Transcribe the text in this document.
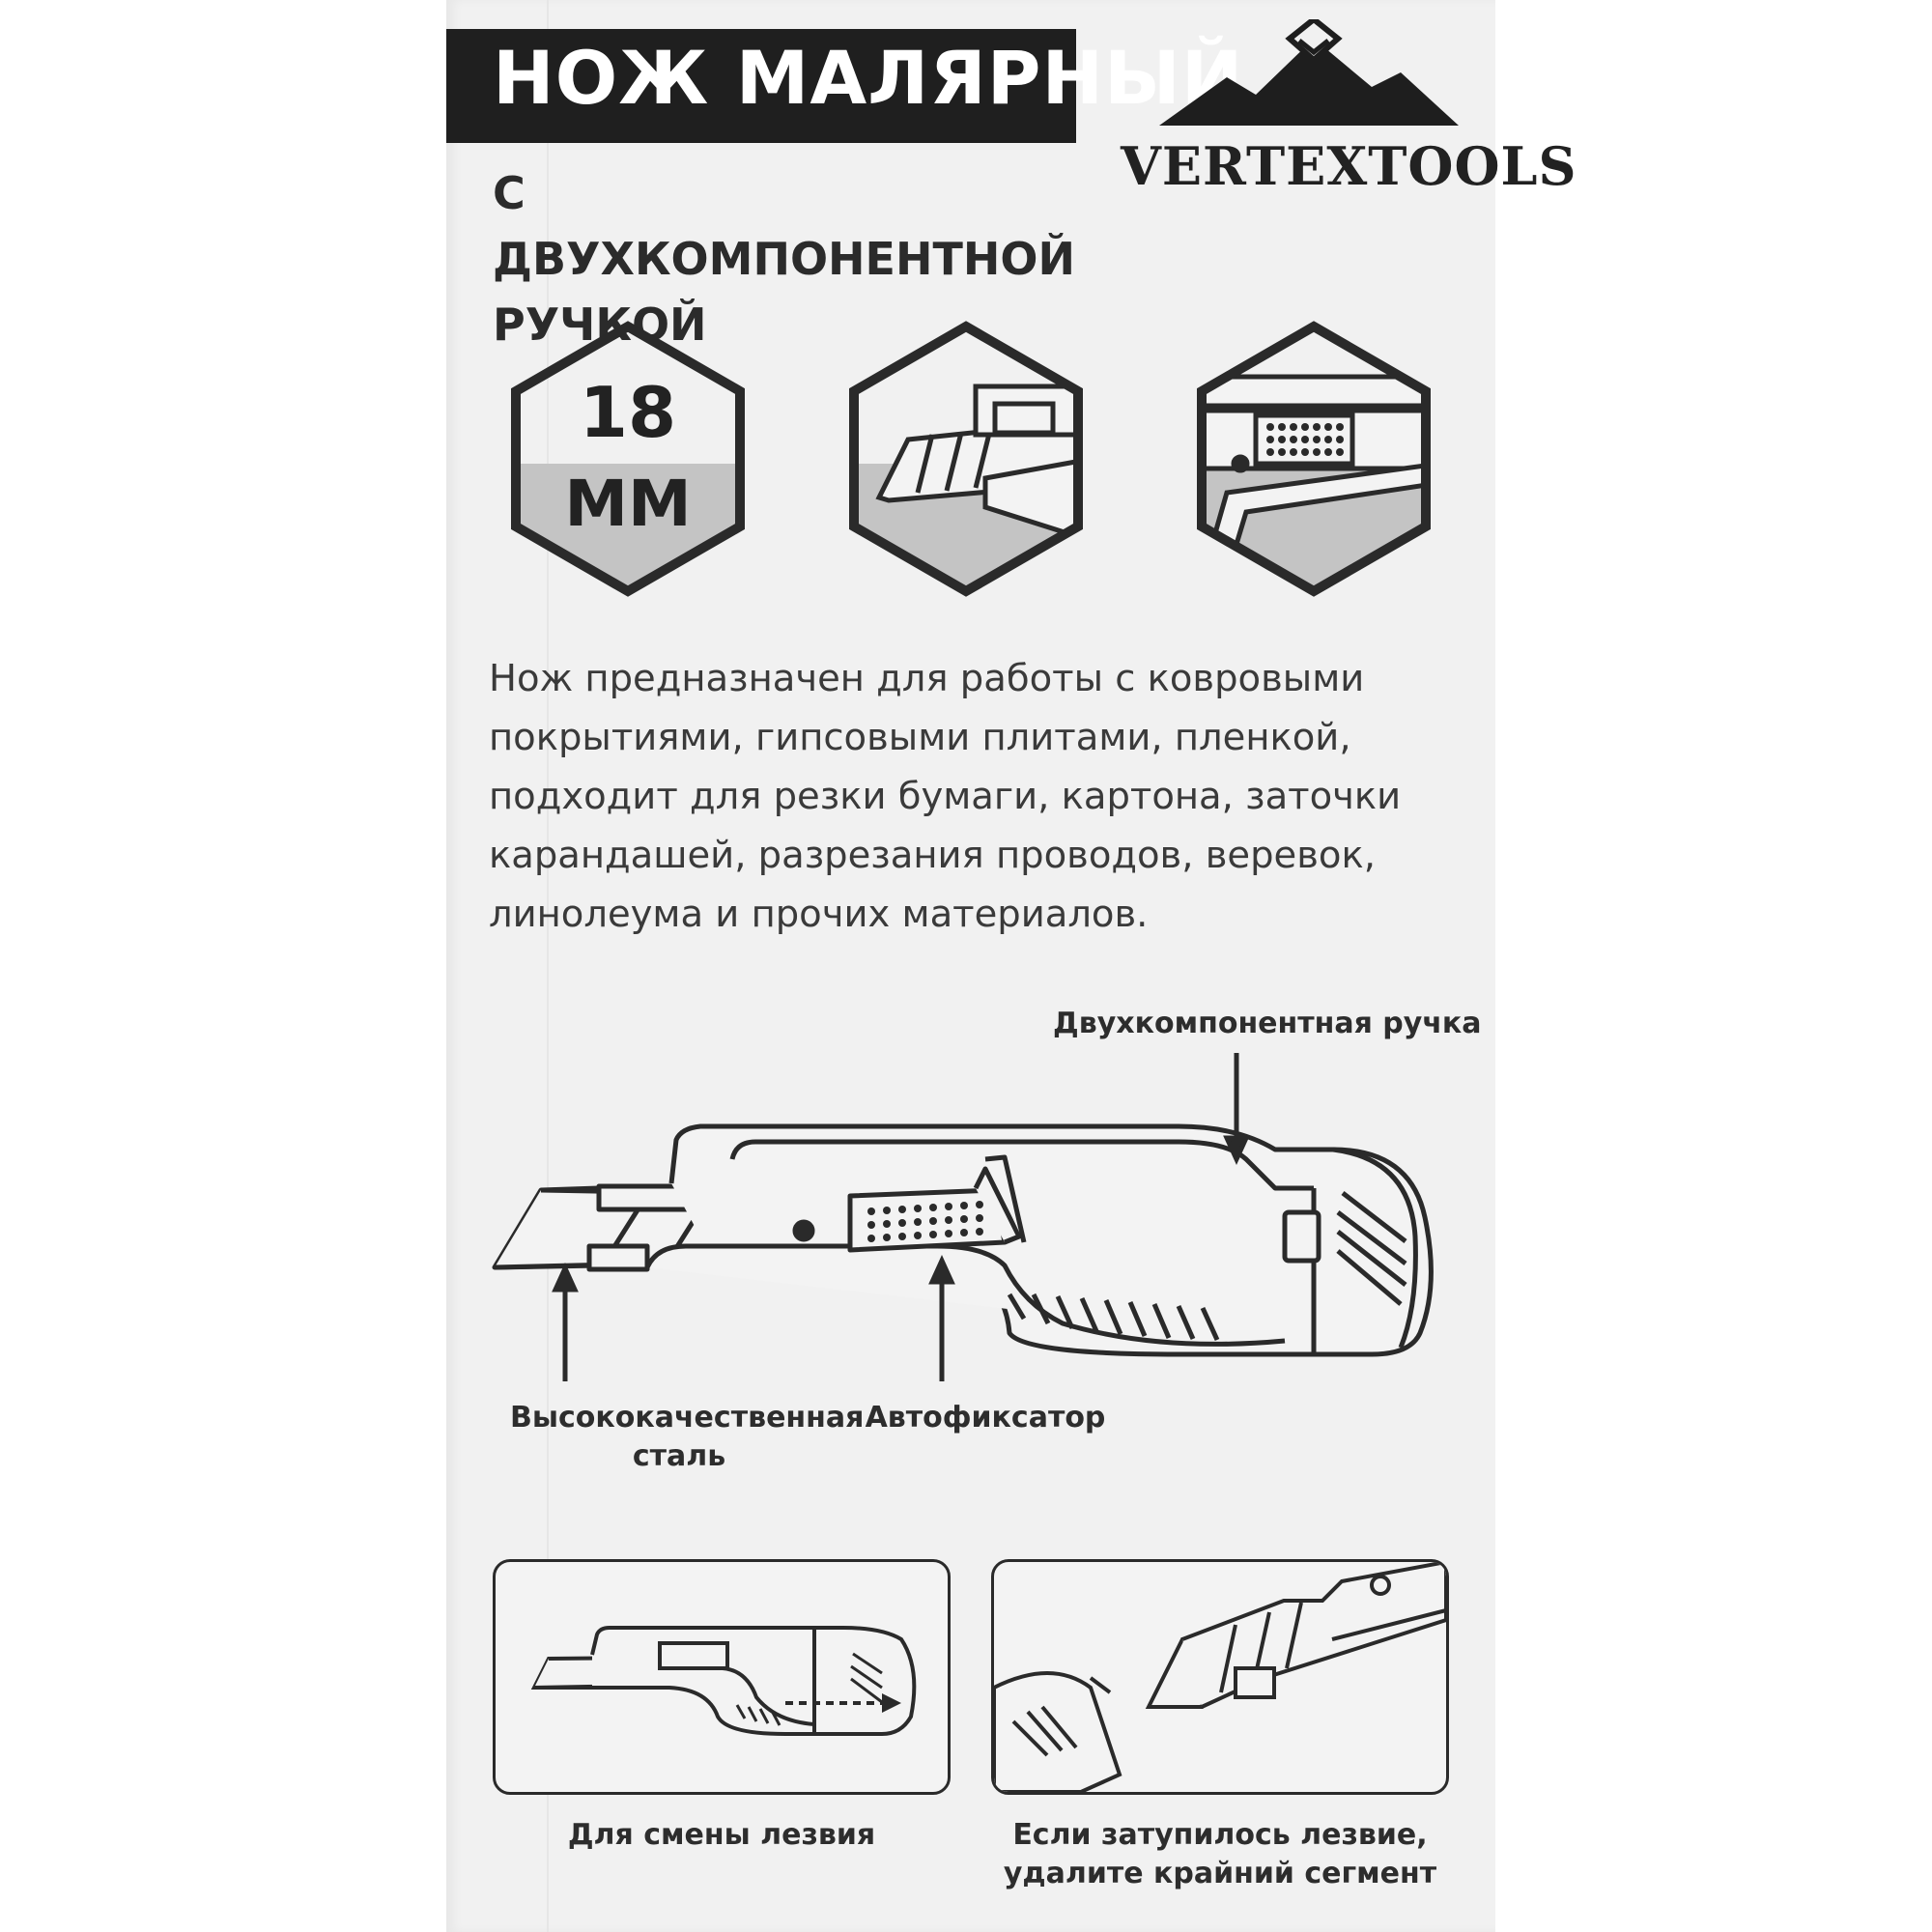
НОЖ МАЛЯРНЫЙ
С ДВУХКОМПОНЕНТНОЙ
РУЧКОЙ
VERTEXTOOLS
18
ММ
Нож предназначен для работы с ковровыми покрытиями, гипсовыми плитами, пленкой, подходит для резки бумаги, картона, заточки карандашей, разрезания проводов, веревок, линолеума и прочих материалов.
Двухкомпонентная ручка
Высококачественная
сталь
Автофиксатор
Для смены лезвия	Если затупилось лезвие,
удалите крайний сегмент
